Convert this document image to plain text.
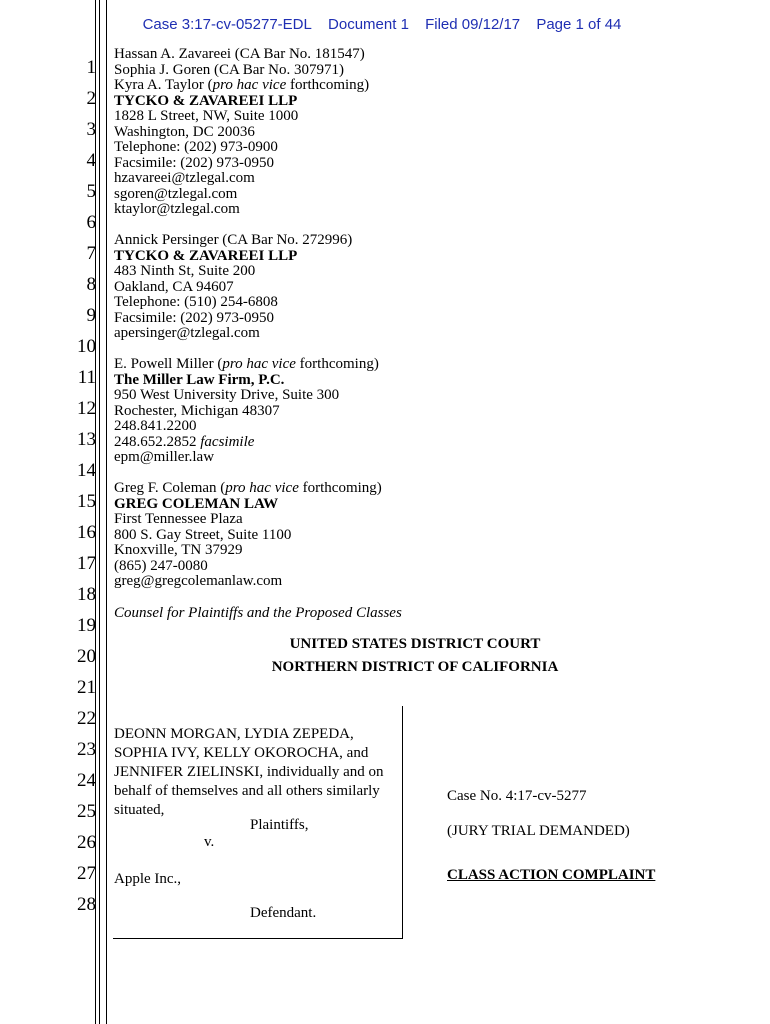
Case 3:17-cv-05277-EDL Document 1 Filed 09/12/17 Page 1 of 44
1
2
3
4
5
6
7
8
9
10
11
12
13
14
15
16
17
18
19
20
21
22
23
24
25
26
27
28
Hassan A. Zavareei (CA Bar No. 181547)
Sophia J. Goren (CA Bar No. 307971)
Kyra A. Taylor (pro hac vice forthcoming)
TYCKO & ZAVAREEI LLP
1828 L Street, NW, Suite 1000
Washington, DC 20036
Telephone: (202) 973-0900
Facsimile: (202) 973-0950
hzavareei@tzlegal.com
sgoren@tzlegal.com
ktaylor@tzlegal.com
Annick Persinger (CA Bar No. 272996)
TYCKO & ZAVAREEI LLP
483 Ninth St, Suite 200
Oakland, CA 94607
Telephone: (510) 254-6808
Facsimile: (202) 973-0950
apersinger@tzlegal.com
E. Powell Miller (pro hac vice forthcoming)
The Miller Law Firm, P.C.
950 West University Drive, Suite 300
Rochester, Michigan 48307
248.841.2200
248.652.2852 facsimile
epm@miller.law
Greg F. Coleman (pro hac vice forthcoming)
GREG COLEMAN LAW
First Tennessee Plaza
800 S. Gay Street, Suite 1100
Knoxville, TN 37929
(865) 247-0080
greg@gregcolemanlaw.com
Counsel for Plaintiffs and the Proposed Classes
UNITED STATES DISTRICT COURT
NORTHERN DISTRICT OF CALIFORNIA
DEONN MORGAN, LYDIA ZEPEDA,
SOPHIA IVY, KELLY OKOROCHA, and
JENNIFER ZIELINSKI, individually and on
behalf of themselves and all others similarly
situated,
Plaintiffs,
v.
Apple Inc.,
Defendant.
Case No. 4:17-cv-5277
(JURY TRIAL DEMANDED)
CLASS ACTION COMPLAINT
